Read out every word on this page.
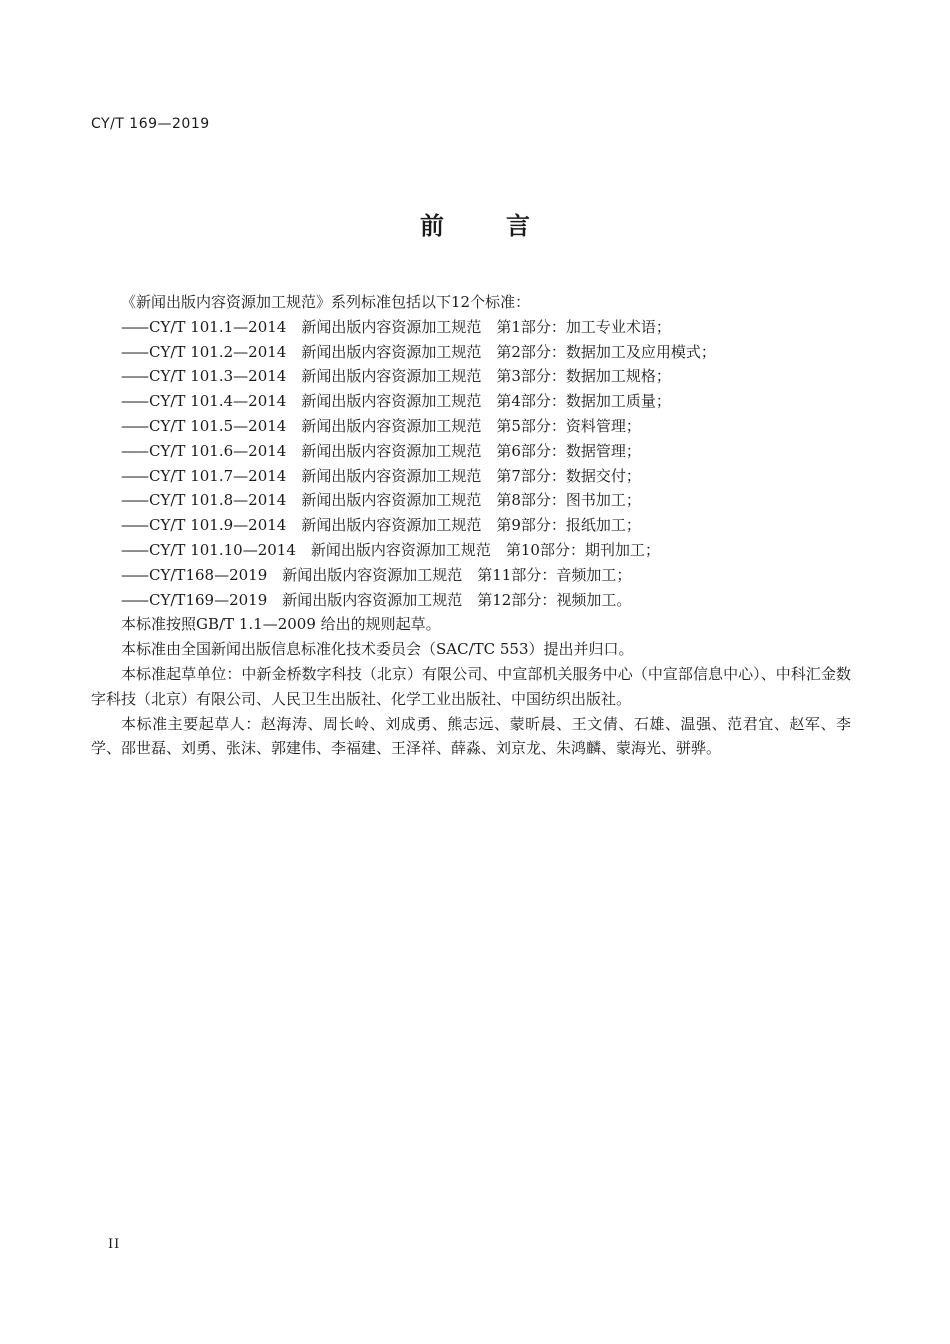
CY/T 169—2019
前	言
《新闻出版内容资源加工规范》系列标准包括以下12个标准：
—— CY/T 101.1—2014 新闻出版内容资源加工规范 第1部分：加工专业术语；
—— CY/T 101.2—2014 新闻出版内容资源加工规范 第2部分：数据加工及应用模式；
—— CY/T 101.3—2014 新闻出版内容资源加工规范 第3部分：数据加工规格；
—— CY/T 101.4—2014 新闻出版内容资源加工规范 第4部分：数据加工质量；
—— CY/T 101.5—2014 新闻出版内容资源加工规范 第5部分：资料管理；
—— CY/T 101.6—2014 新闻出版内容资源加工规范 第6部分：数据管理；
—— CY/T 101.7—2014 新闻出版内容资源加工规范 第7部分：数据交付；
—— CY/T 101.8—2014 新闻出版内容资源加工规范 第8部分：图书加工；
—— CY/T 101.9—2014 新闻出版内容资源加工规范 第9部分：报纸加工；
—— CY/T 101.10—2014 新闻出版内容资源加工规范 第10部分：期刊加工；
—— CY/T168—2019 新闻出版内容资源加工规范 第11部分：音频加工；
—— CY/T169—2019 新闻出版内容资源加工规范 第12部分：视频加工。
本标准按照GB/T 1.1—2009 给出的规则起草。
本标准由全国新闻出版信息标准化技术委员会（SAC/TC 553）提出并归口。
本标准起草单位：中新金桥数字科技（北京）有限公司、中宣部机关服务中心（中宣部信息中心）、中科汇金数字科技（北京）有限公司、人民卫生出版社、化学工业出版社、中国纺织出版社。
本标准主要起草人：赵海涛、周长岭、刘成勇、熊志远、蒙昕晨、王文倩、石雄、温强、范君宜、赵军、李学、邵世磊、刘勇、张沫、郭建伟、李福建、王泽祥、薛淼、刘京龙、朱鸿麟、蒙海光、骈骅。
II
